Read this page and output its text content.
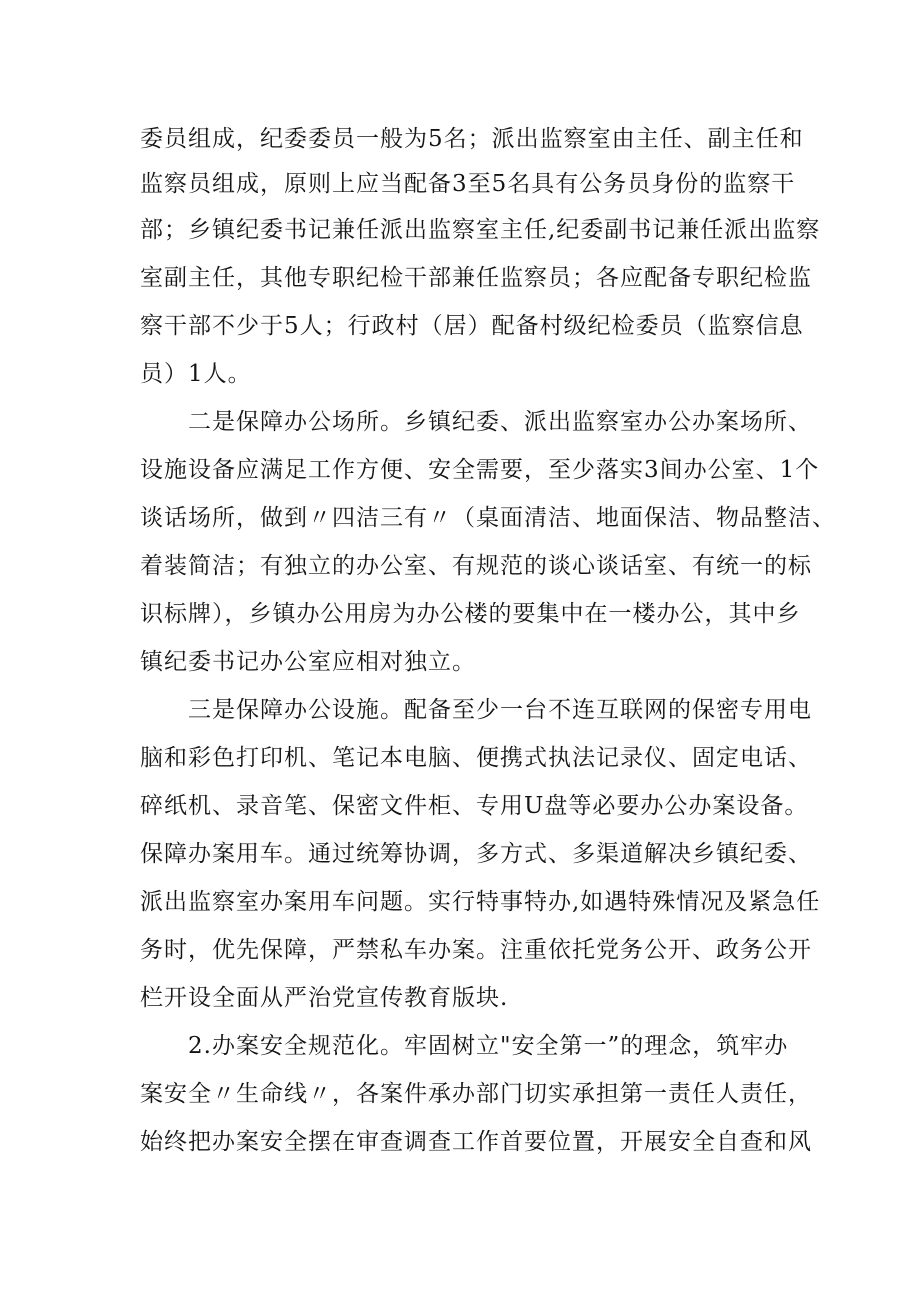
委员组成，纪委委员一般为5名；派出监察室由主任、副主任和
监察员组成，原则上应当配备3至5名具有公务员身份的监察干
部；乡镇纪委书记兼任派出监察室主任,纪委副书记兼任派出监察
室副主任，其他专职纪检干部兼任监察员；各应配备专职纪检监
察干部不少于5人；行政村（居）配备村级纪检委员（监察信息
员）1人。
二是保障办公场所。乡镇纪委、派出监察室办公办案场所、
设施设备应满足工作方便、安全需要，至少落实3间办公室、1个
谈话场所，做到〃四洁三有〃（桌面清洁、地面保洁、物品整洁、
着装简洁；有独立的办公室、有规范的谈心谈话室、有统一的标
识标牌），乡镇办公用房为办公楼的要集中在一楼办公，其中乡
镇纪委书记办公室应相对独立。
三是保障办公设施。配备至少一台不连互联网的保密专用电
脑和彩色打印机、笔记本电脑、便携式执法记录仪、固定电话、
碎纸机、录音笔、保密文件柜、专用U盘等必要办公办案设备。
保障办案用车。通过统筹协调，多方式、多渠道解决乡镇纪委、
派出监察室办案用车问题。实行特事特办,如遇特殊情况及紧急任
务时，优先保障，严禁私车办案。注重依托党务公开、政务公开
栏开设全面从严治党宣传教育版块.
2.办案安全规范化。牢固树立"安全第一”的理念，筑牢办
案安全〃生命线〃，各案件承办部门切实承担第一责任人责任，
始终把办案安全摆在审查调查工作首要位置，开展安全自查和风
